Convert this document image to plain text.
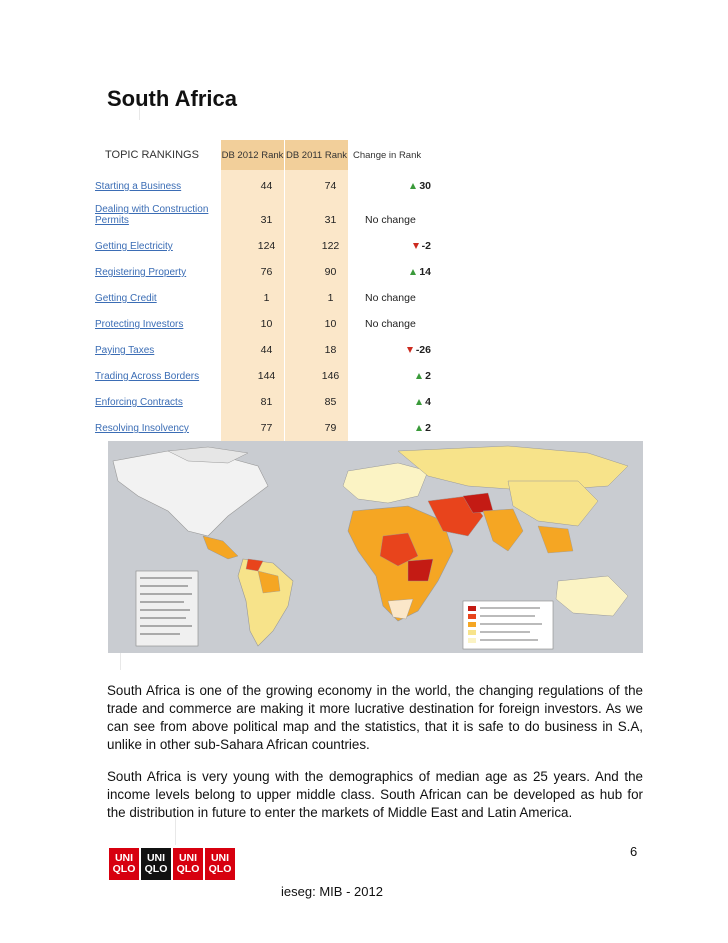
South Africa
TOPIC RANKINGS DB 2012 Rank DB 2011 Rank Change in Rank
Starting a Business	44	74	30
Dealing with Construction Permits	31	31	No change
Getting Electricity	124	122	-2
Registering Property	76	90	14
Getting Credit	1	1	No change
Protecting Investors	10	10	No change
Paying Taxes	44	18	-26
Trading Across Borders	144	146	2
Enforcing Contracts	81	85	4
Resolving Insolvency	77	79	2

South Africa is one of the growing economy in the world, the changing regulations of the trade and commerce are making it more lucrative destination for foreign investors. As we can see from above political map and the statistics, that it is safe to do business in S.A, unlike in other sub-Sahara African countries.

South Africa is very young with the demographics of median age as 25 years. And the income levels belong to upper middle class. South African can be developed as hub for the distribution in future to enter the markets of Middle East and Latin America.

6
UNI
QLO
UNI
QLO
UNI
QLO
UNI
QLO
ieseg: MIB - 2012
